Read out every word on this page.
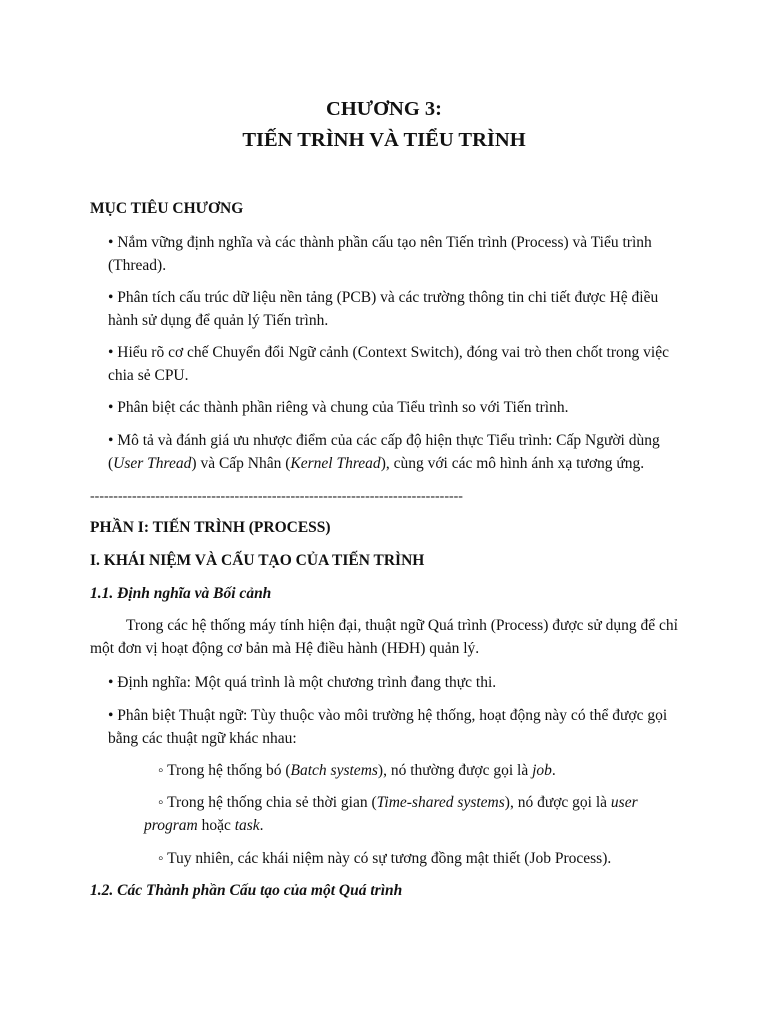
CHƯƠNG 3:
TIẾN TRÌNH VÀ TIỂU TRÌNH
MỤC TIÊU CHƯƠNG
• Nắm vững định nghĩa và các thành phần cấu tạo nên Tiến trình (Process) và Tiểu trình (Thread).
• Phân tích cấu trúc dữ liệu nền tảng (PCB) và các trường thông tin chi tiết được Hệ điều hành sử dụng để quản lý Tiến trình.
• Hiểu rõ cơ chế Chuyển đổi Ngữ cảnh (Context Switch), đóng vai trò then chốt trong việc chia sẻ CPU.
• Phân biệt các thành phần riêng và chung của Tiểu trình so với Tiến trình.
• Mô tả và đánh giá ưu nhược điểm của các cấp độ hiện thực Tiểu trình: Cấp Người dùng (User Thread) và Cấp Nhân (Kernel Thread), cùng với các mô hình ánh xạ tương ứng.
--------------------------------------------------------------------------------
PHẦN I: TIẾN TRÌNH (PROCESS)
I. KHÁI NIỆM VÀ CẤU TẠO CỦA TIẾN TRÌNH
1.1. Định nghĩa và Bối cảnh
Trong các hệ thống máy tính hiện đại, thuật ngữ Quá trình (Process) được sử dụng để chỉ một đơn vị hoạt động cơ bản mà Hệ điều hành (HĐH) quản lý.
• Định nghĩa: Một quá trình là một chương trình đang thực thi.
• Phân biệt Thuật ngữ: Tùy thuộc vào môi trường hệ thống, hoạt động này có thể được gọi bằng các thuật ngữ khác nhau:
◦ Trong hệ thống bó (Batch systems), nó thường được gọi là job.
◦ Trong hệ thống chia sẻ thời gian (Time-shared systems), nó được gọi là user program hoặc task.
◦ Tuy nhiên, các khái niệm này có sự tương đồng mật thiết (Job Process).
1.2. Các Thành phần Cấu tạo của một Quá trình
